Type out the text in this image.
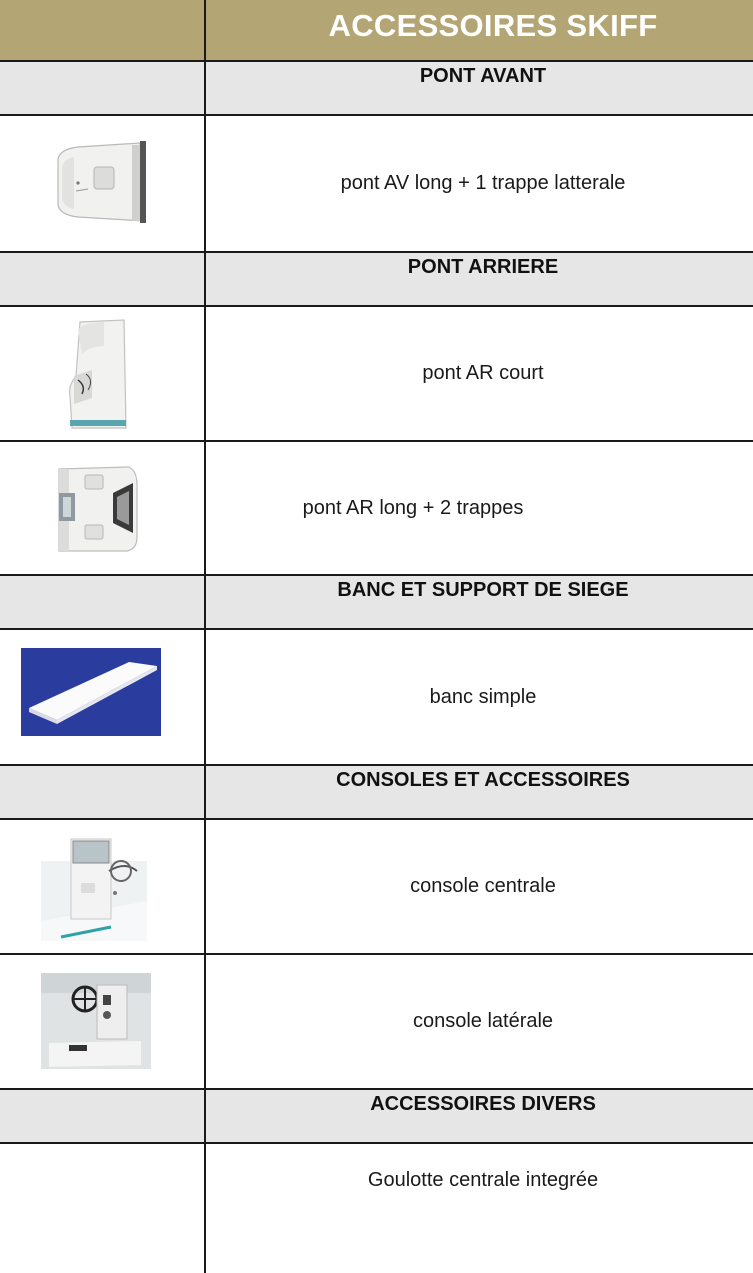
ACCESSOIRES SKIFF
PONT AVANT
pont AV long + 1 trappe latterale
PONT ARRIERE
pont AR court
pont AR long + 2 trappes
BANC ET SUPPORT DE SIEGE
banc simple
CONSOLES ET ACCESSOIRES
console centrale
console latérale
ACCESSOIRES DIVERS
Goulotte centrale integrée
